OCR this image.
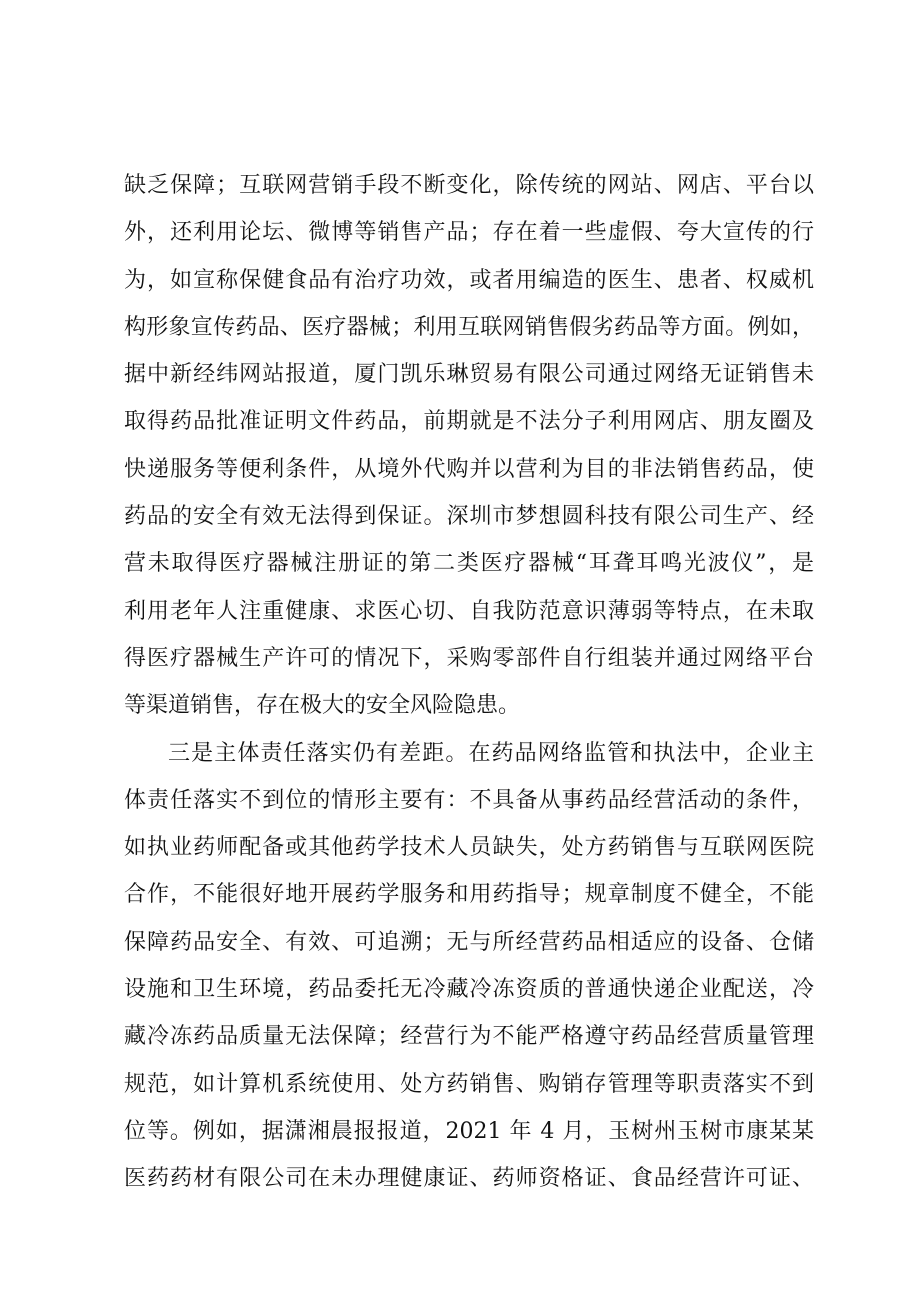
缺乏保障；互联网营销手段不断变化，除传统的网站、网店、平台以
外，还利用论坛、微博等销售产品；存在着一些虚假、夸大宣传的行
为，如宣称保健食品有治疗功效，或者用编造的医生、患者、权威机
构形象宣传药品、医疗器械；利用互联网销售假劣药品等方面。例如，
据中新经纬网站报道，厦门凯乐琳贸易有限公司通过网络无证销售未
取得药品批准证明文件药品，前期就是不法分子利用网店、朋友圈及
快递服务等便利条件，从境外代购并以营利为目的非法销售药品，使
药品的安全有效无法得到保证。深圳市梦想圆科技有限公司生产、经
营未取得医疗器械注册证的第二类医疗器械“耳聋耳鸣光波仪”，是
利用老年人注重健康、求医心切、自我防范意识薄弱等特点，在未取
得医疗器械生产许可的情况下，采购零部件自行组装并通过网络平台
等渠道销售，存在极大的安全风险隐患。
三是主体责任落实仍有差距。在药品网络监管和执法中，企业主
体责任落实不到位的情形主要有：不具备从事药品经营活动的条件，
如执业药师配备或其他药学技术人员缺失，处方药销售与互联网医院
合作，不能很好地开展药学服务和用药指导；规章制度不健全，不能
保障药品安全、有效、可追溯；无与所经营药品相适应的设备、仓储
设施和卫生环境，药品委托无冷藏冷冻资质的普通快递企业配送，冷
藏冷冻药品质量无法保障；经营行为不能严格遵守药品经营质量管理
规范，如计算机系统使用、处方药销售、购销存管理等职责落实不到
位等。例如，据潇湘晨报报道，2021 年 4 月，玉树州玉树市康某某
医药药材有限公司在未办理健康证、药师资格证、食品经营许可证、
